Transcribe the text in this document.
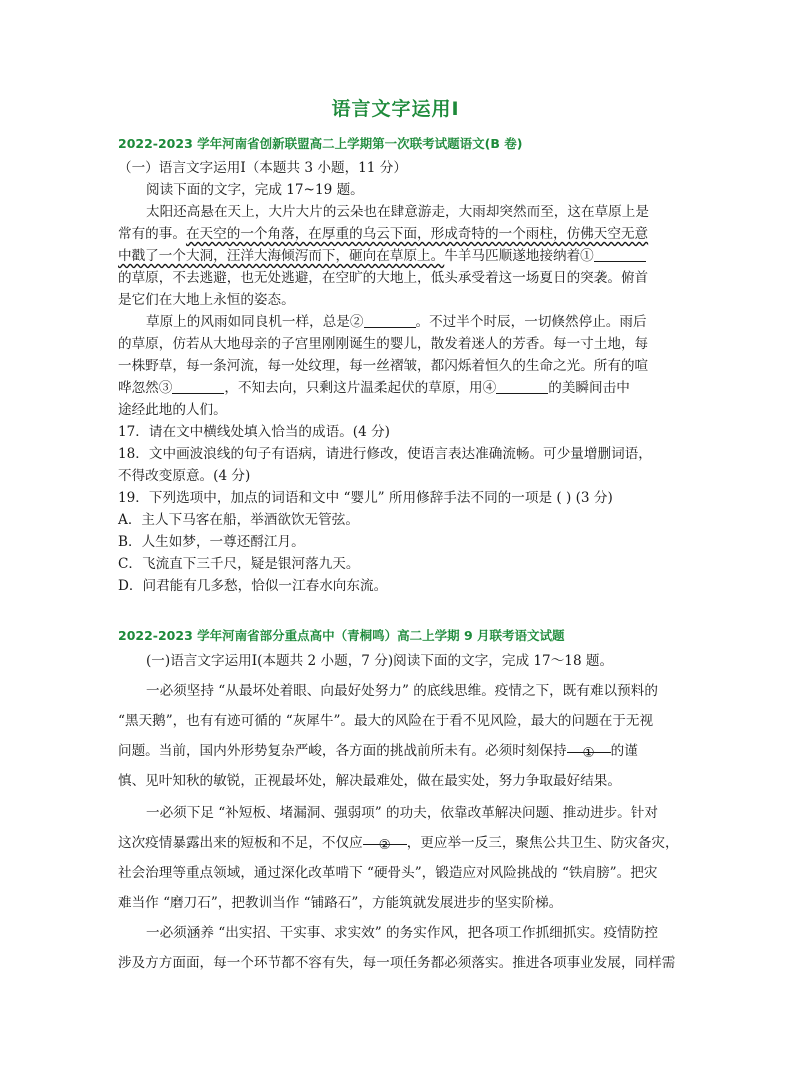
语言文字运用Ⅰ
2022-2023 学年河南省创新联盟高二上学期第一次联考试题语文(B 卷)
（一）语言文字运用Ⅰ（本题共 3 小题，11 分）
阅读下面的文字，完成 17~19 题。
太阳还高悬在天上，大片大片的云朵也在肆意游走，大雨却突然而至，这在草原上是
常有的事。在天空的一个角落，在厚重的乌云下面，形成奇特的一个雨柱，仿佛天空无意
中戳了一个大洞，汪洋大海倾泻而下，砸向在草原上。牛羊马匹顺遂地接纳着①
的草原，不去逃避，也无处逃避，在空旷的大地上，低头承受着这一场夏日的突袭。俯首
是它们在大地上永恒的姿态。
草原上的风雨如同良机一样，总是②	。不过半个时辰，一切倏然停止。雨后
的草原，仿若从大地母亲的子宫里刚刚诞生的婴儿，散发着迷人的芳香。每一寸土地，每
一株野草，每一条河流，每一处纹理，每一丝褶皱，都闪烁着恒久的生命之光。所有的喧
哗忽然③	，不知去向，只剩这片温柔起伏的草原，用④	的美瞬间击中
途经此地的人们。
17．请在文中横线处填入恰当的成语。(4 分)
18．文中画波浪线的句子有语病，请进行修改，使语言表达准确流畅。可少量增删词语，
不得改变原意。(4 分)
19．下列选项中，加点的词语和文中 “婴儿” 所用修辞手法不同的一项是 ( ) (3 分)
A．主人下马客在船，举酒欲饮无管弦。
B．人生如梦，一尊还酹江月。
C．飞流直下三千尺，疑是银河落九天。
D．问君能有几多愁，恰似一江春水向东流。
2022-2023 学年河南省部分重点高中（青桐鸣）高二上学期 9 月联考语文试题
(一)语言文字运用Ⅰ(本题共 2 小题，7 分)阅读下面的文字，完成 17～18 题。
一必须坚持 “从最坏处着眼、向最好处努力” 的底线思维。疫情之下，既有难以预料的
“黑天鹅”，也有有迹可循的 “灰犀牛”。最大的风险在于看不见风险，最大的问题在于无视
问题。当前，国内外形势复杂严峻，各方面的挑战前所未有。必须时刻保持 ① 的谨
慎、见叶知秋的敏锐，正视最坏处，解决最难处，做在最实处，努力争取最好结果。
一必须下足 “补短板、堵漏洞、强弱项” 的功夫，依靠改革解决问题、推动进步。针对
这次疫情暴露出来的短板和不足，不仅应 ② ，更应举一反三，聚焦公共卫生、防灾备灾，
社会治理等重点领域，通过深化改革啃下 “硬骨头”，锻造应对风险挑战的 “铁肩膀”。把灾
难当作 “磨刀石”，把教训当作 “铺路石”，方能筑就发展进步的坚实阶梯。
一必须涵养 “出实招、干实事、求实效” 的务实作风，把各项工作抓细抓实。疫情防控
涉及方方面面，每一个环节都不容有失，每一项任务都必须落实。推进各项事业发展，同样需
